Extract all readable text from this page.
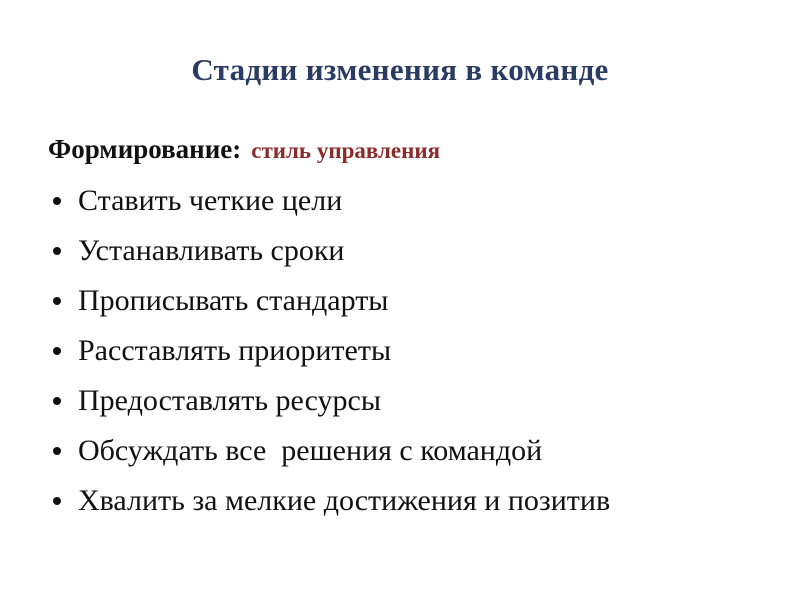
Стадии изменения в команде

Формирование: стиль управления

Ставить четкие цели
Устанавливать сроки
Прописывать стандарты
Расставлять приоритеты
Предоставлять ресурсы
Обсуждать все  решения с командой
Хвалить за мелкие достижения и позитив
